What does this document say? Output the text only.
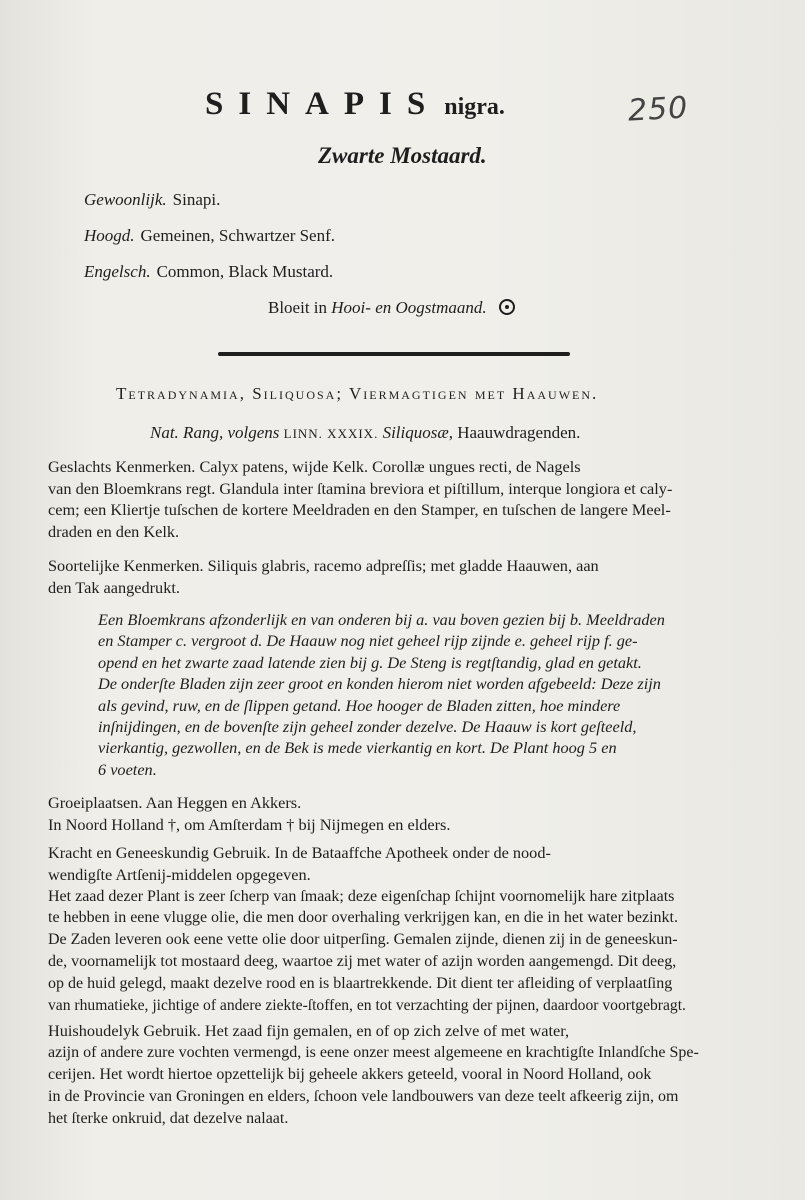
SINAPIS nigra.	250
Zwarte Mostaard.
Gewoonlijk. Sinapi.
Hoogd. Gemeinen, Schwartzer Senf.
Engelsch. Common, Black Mustard.
Bloeit in Hooi- en Oogstmaand.
Tetradynamia, Siliquosa; Viermagtigen met Haauwen.
Nat. Rang, volgens LINN. XXXIX. Siliquosæ, Haauwdragenden.
Geslachts Kenmerken. Calyx patens, wijde Kelk. Corollæ ungues recti, de Nagels
van den Bloemkrans regt. Glandula inter ſtamina breviora et piſtillum, interque longiora et caly-
cem; een Kliertje tuſschen de kortere Meeldraden en den Stamper, en tuſschen de langere Meel-
draden en den Kelk.
Soortelijke Kenmerken. Siliquis glabris, racemo adpreſſis; met gladde Haauwen, aan
den Tak aangedrukt.
Een Bloemkrans afzonderlijk en van onderen bij a. vau boven gezien bij b. Meeldraden
en Stamper c. vergroot d. De Haauw nog niet geheel rijp zijnde e. geheel rijp f. ge-
opend en het zwarte zaad latende zien bij g. De Steng is regtſtandig, glad en getakt.
De onderſte Bladen zijn zeer groot en konden hierom niet worden afgebeeld: Deze zijn
als gevind, ruw, en de ſlippen getand. Hoe hooger de Bladen zitten, hoe mindere
inſnijdingen, en de bovenſte zijn geheel zonder dezelve. De Haauw is kort geſteeld,
vierkantig, gezwollen, en de Bek is mede vierkantig en kort. De Plant hoog 5 en
6 voeten.
Groeiplaatsen. Aan Heggen en Akkers.
In Noord Holland †, om Amſterdam † bij Nijmegen en elders.
Kracht en Geneeskundig Gebruik. In de Bataaffche Apotheek onder de nood-
wendigſte Artſenij-middelen opgegeven.
Het zaad dezer Plant is zeer ſcherp van ſmaak; deze eigenſchap ſchijnt voornomelijk hare zitplaats
te hebben in eene vlugge olie, die men door overhaling verkrijgen kan, en die in het water bezinkt.
De Zaden leveren ook eene vette olie door uitperſing. Gemalen zijnde, dienen zij in de geneeskun-
de, voornamelijk tot mostaard deeg, waartoe zij met water of azijn worden aangemengd. Dit deeg,
op de huid gelegd, maakt dezelve rood en is blaartrekkende. Dit dient ter afleiding of verplaatſing
van rhumatieke, jichtige of andere ziekte-ſtoffen, en tot verzachting der pijnen, daardoor voortgebragt.
Huishoudelyk Gebruik. Het zaad fijn gemalen, en of op zich zelve of met water,
azijn of andere zure vochten vermengd, is eene onzer meest algemeene en krachtigſte Inlandſche Spe-
cerijen. Het wordt hiertoe opzettelijk bij geheele akkers geteeld, vooral in Noord Holland, ook
in de Provincie van Groningen en elders, ſchoon vele landbouwers van deze teelt afkeerig zijn, om
het ſterke onkruid, dat dezelve nalaat.
